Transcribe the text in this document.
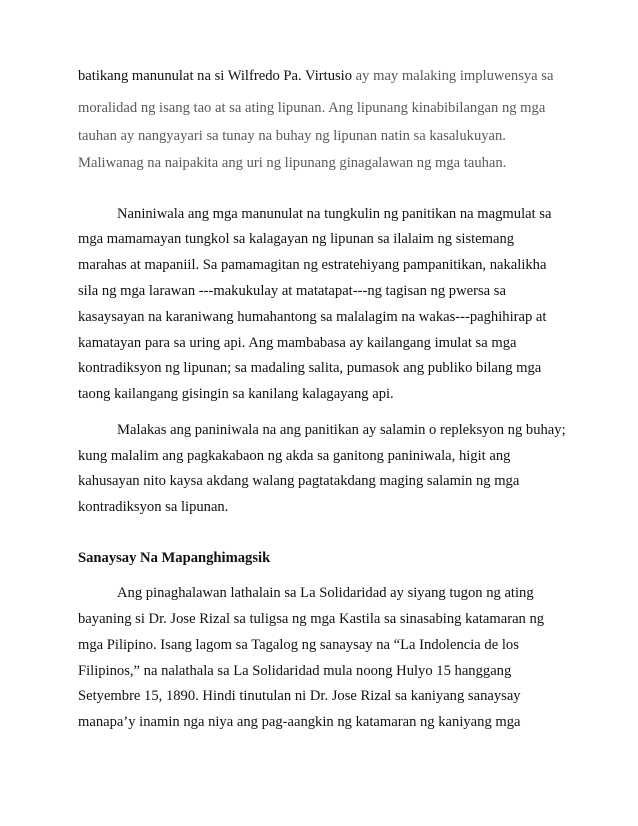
batikang manunulat na si Wilfredo Pa. Virtusio ay may malaking impluwensya sa
moralidad ng isang tao at sa ating lipunan. Ang lipunang kinabibilangan ng mga
tauhan ay nangyayari sa tunay na buhay ng lipunan natin sa kasalukuyan.
Maliwanag na naipakita ang uri ng lipunang ginagalawan ng mga tauhan.
Naniniwala ang mga manunulat na tungkulin ng panitikan na magmulat sa
mga mamamayan tungkol sa kalagayan ng lipunan sa ilalaim ng sistemang
marahas at mapaniil. Sa pamamagitan ng estratehiyang pampanitikan, nakalikha
sila ng mga larawan ---makukulay at matatapat---ng tagisan ng pwersa sa
kasaysayan na karaniwang humahantong sa malalagim na wakas---paghihirap at
kamatayan para sa uring api. Ang mambabasa ay kailangang imulat sa mga
kontradiksyon ng lipunan; sa madaling salita, pumasok ang publiko bilang mga
taong kailangang gisingin sa kanilang kalagayang api.
Malakas ang paniniwala na ang panitikan ay salamin o repleksyon ng buhay;
kung malalim ang pagkakabaon ng akda sa ganitong paniniwala, higit ang
kahusayan nito kaysa akdang walang pagtatakdang maging salamin ng mga
kontradiksyon sa lipunan.
Sanaysay Na Mapanghimagsik
Ang pinaghalawan lathalain sa La Solidaridad ay siyang tugon ng ating
bayaning si Dr. Jose Rizal sa tuligsa ng mga Kastila sa sinasabing katamaran ng
mga Pilipino. Isang lagom sa Tagalog ng sanaysay na “La Indolencia de los
Filipinos,” na nalathala sa La Solidaridad mula noong Hulyo 15 hanggang
Setyembre 15, 1890. Hindi tinutulan ni Dr. Jose Rizal sa kaniyang sanaysay
manapa’y inamin nga niya ang pag-aangkin ng katamaran ng kaniyang mga
